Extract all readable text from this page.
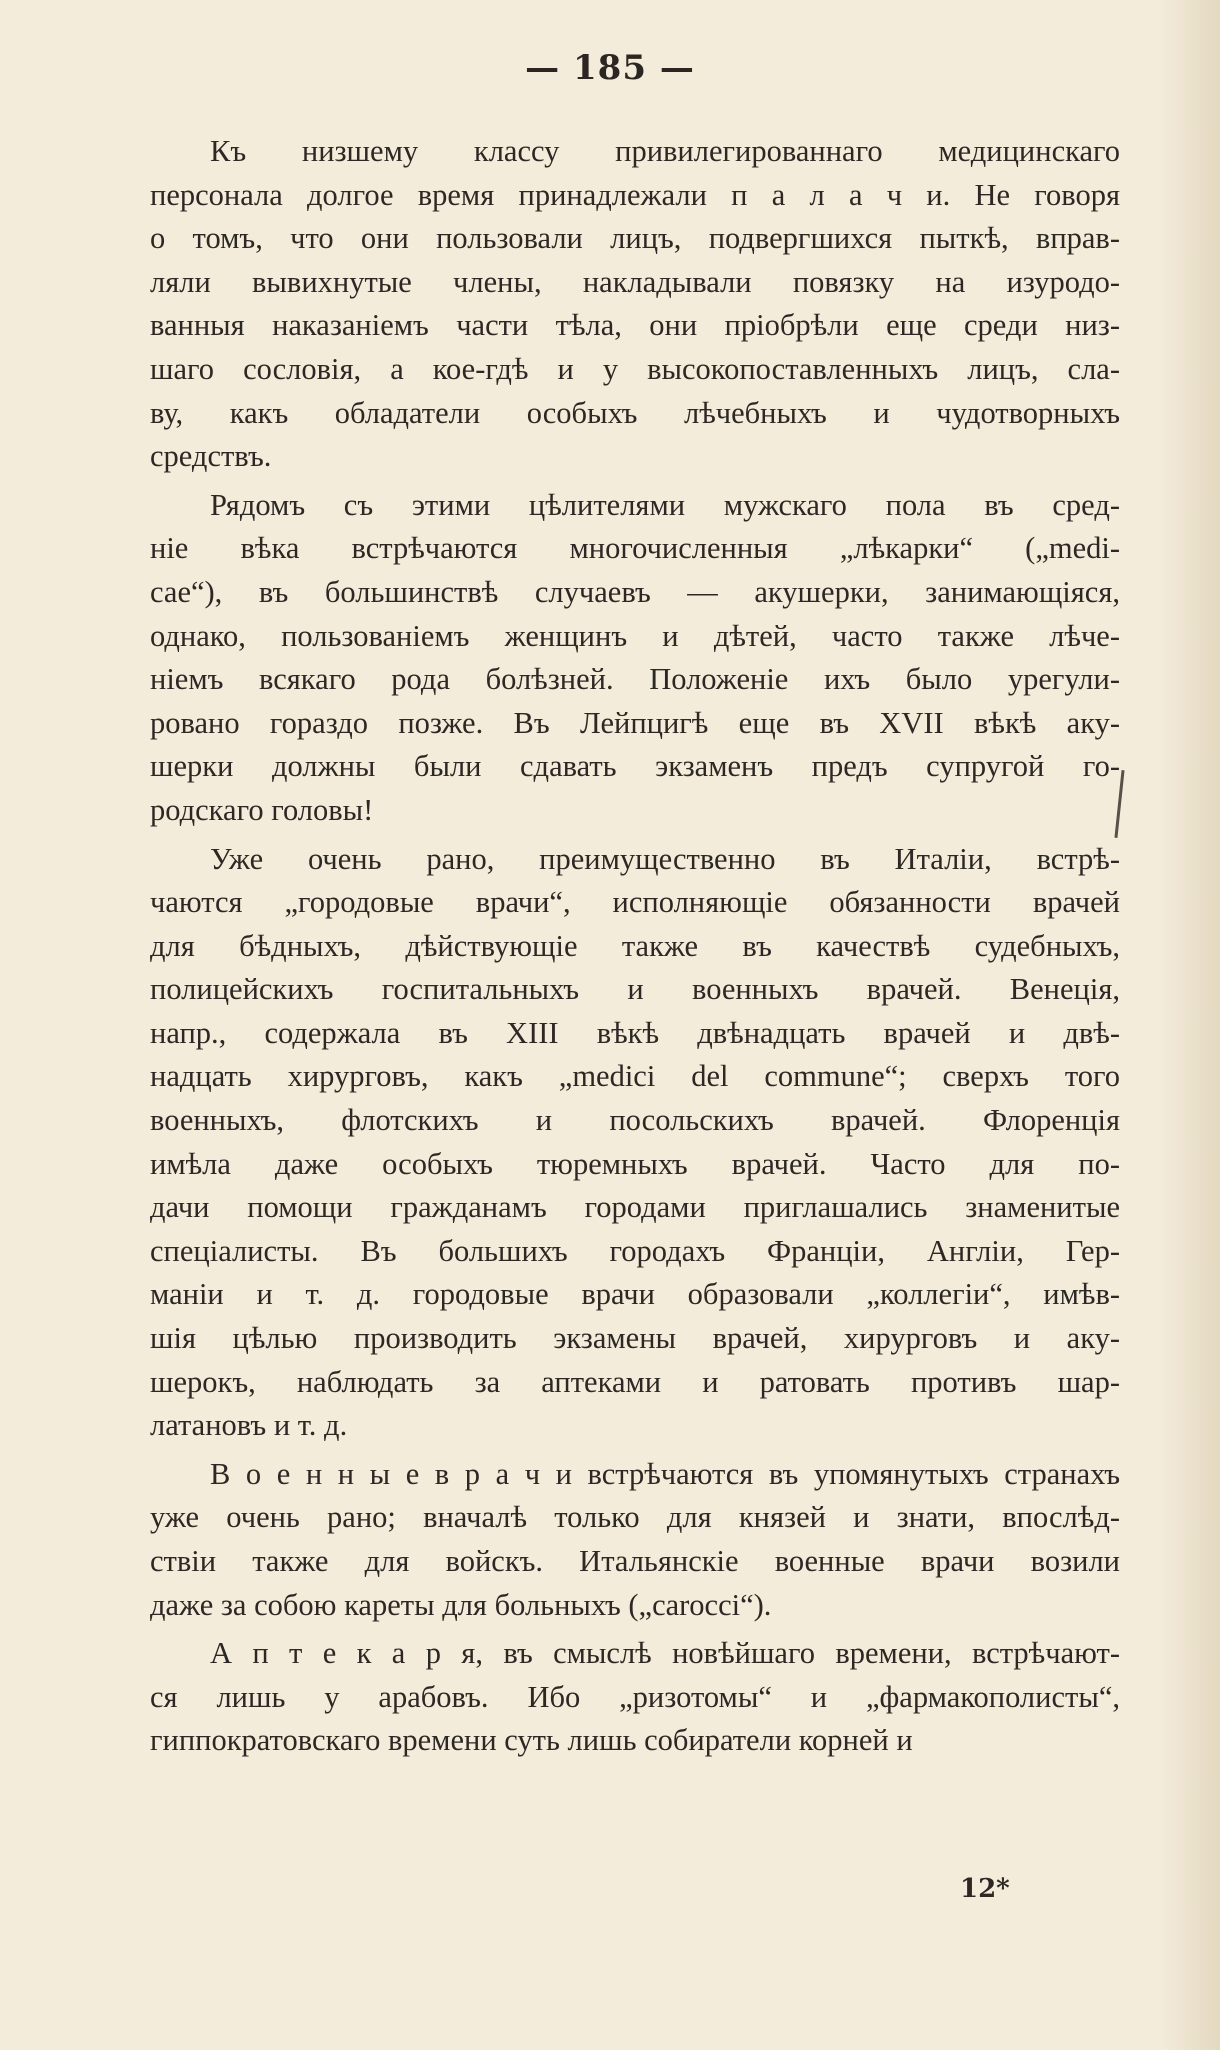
— 185 —
Къ низшему классу привилегированнаго медицинскаго
персонала долгое время принадлежали п а л а ч и. Не говоря
о томъ, что они пользовали лицъ, подвергшихся пыткѣ, вправ-
ляли вывихнутые члены, накладывали повязку на изуродо-
ванныя наказаніемъ части тѣла, они пріобрѣли еще среди низ-
шаго сословія, а кое-гдѣ и у высокопоставленныхъ лицъ, сла-
ву, какъ обладатели особыхъ лѣчебныхъ и чудотворныхъ
средствъ.
Рядомъ съ этими цѣлителями мужскаго пола въ сред-
ніе вѣка встрѣчаются многочисленныя „лѣкарки“ („medi-
сае“), въ большинствѣ случаевъ — акушерки, занимающіяся,
однако, пользованіемъ женщинъ и дѣтей, часто также лѣче-
ніемъ всякаго рода болѣзней. Положеніе ихъ было урегули-
ровано гораздо позже. Въ Лейпцигѣ еще въ XVII вѣкѣ аку-
шерки должны были сдавать экзаменъ предъ супругой го-
родскаго головы!
Уже очень рано, преимущественно въ Италіи, встрѣ-
чаются „городовые врачи“, исполняющіе обязанности врачей
для бѣдныхъ, дѣйствующіе также въ качествѣ судебныхъ,
полицейскихъ госпитальныхъ и военныхъ врачей. Венеція,
напр., содержала въ XIII вѣкѣ двѣнадцать врачей и двѣ-
надцать хирурговъ, какъ „medici del commune“; сверхъ того
военныхъ, флотскихъ и посольскихъ врачей. Флоренція
имѣла даже особыхъ тюремныхъ врачей. Часто для по-
дачи помощи гражданамъ городами приглашались знаменитые
спеціалисты. Въ большихъ городахъ Франціи, Англіи, Гер-
маніи и т. д. городовые врачи образовали „коллегіи“, имѣв-
шія цѣлью производить экзамены врачей, хирурговъ и аку-
шерокъ, наблюдать за аптеками и ратовать противъ шар-
латановъ и т. д.
В о е н н ы е в р а ч и встрѣчаются въ упомянутыхъ странахъ
уже очень рано; вначалѣ только для князей и знати, впослѣд-
ствіи также для войскъ. Итальянскіе военные врачи возили
даже за собою кареты для больныхъ („carocci“).
А п т е к а р я, въ смыслѣ новѣйшаго времени, встрѣчают-
ся лишь у арабовъ. Ибо „ризотомы“ и „фармакополисты“,
гиппократовскаго времени суть лишь собиратели корней и
12*
